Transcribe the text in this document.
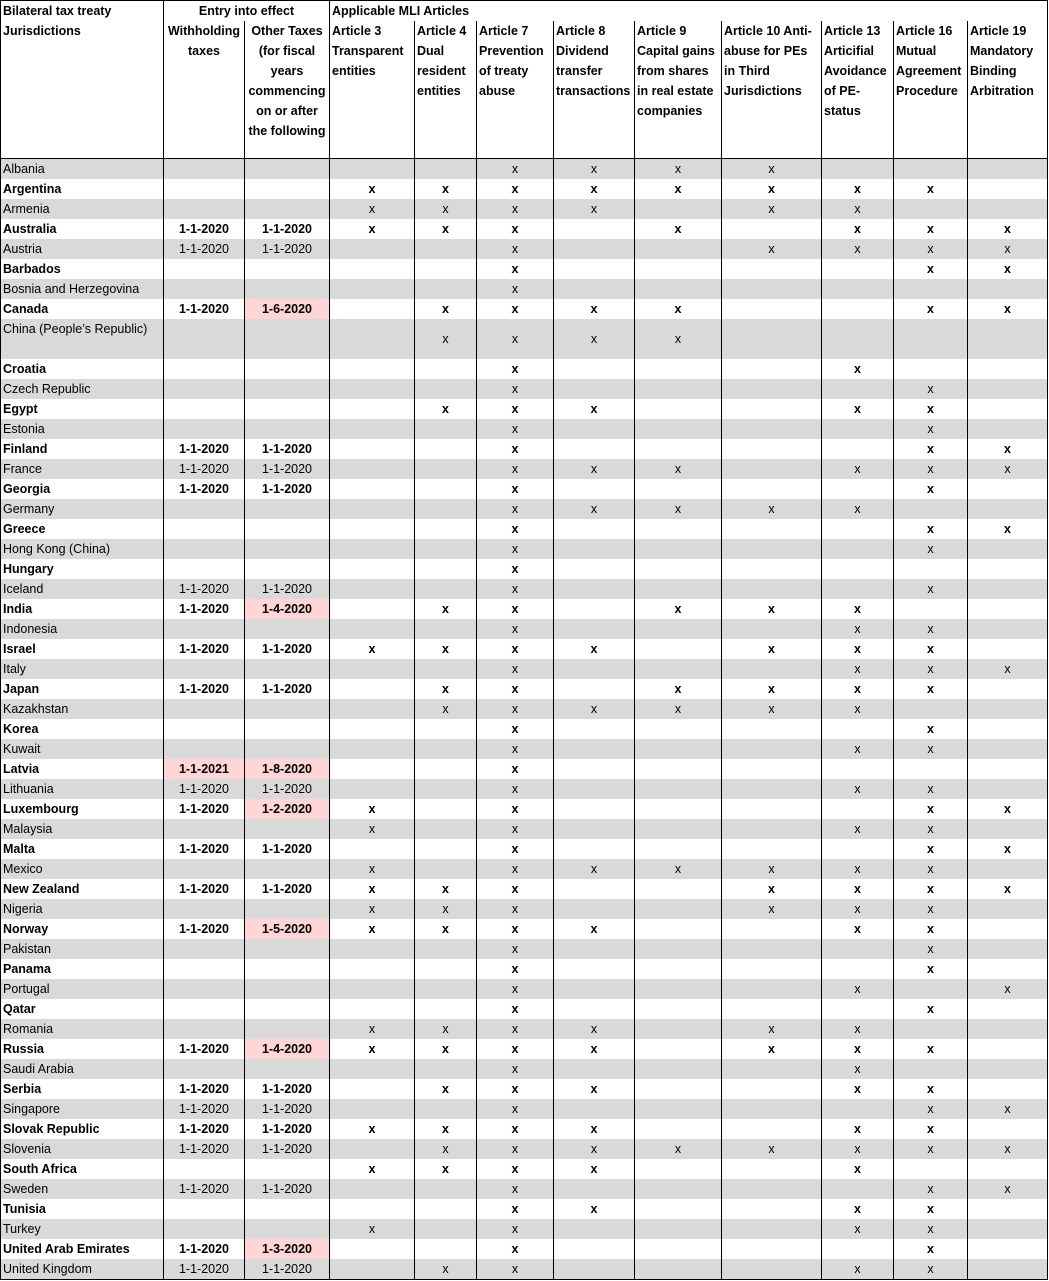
Bilateral tax treaty	Entry into effect		Applicable MLI Articles								
Jurisdictions	Withholding taxes	Other Taxes (for fiscal years commencing on or after the following	Article 3 Transparent entities	Article 4 Dual resident entities	Article 7 Prevention of treaty abuse	Article 8 Dividend transfer transactions	Article 9 Capital gains from shares in real estate companies	Article 10 Anti-abuse for PEs in Third Jurisdictions	Article 13 Articifial Avoidance of PE-status	Article 16 Mutual Agreement Procedure	Article 19 Mandatory Binding Arbitration
Albania					x	x	x	x			
Argentina			x	x	x	x	x	x	x	x	
Armenia			x	x	x	x		x	x		
Australia	1-1-2020	1-1-2020	x	x	x		x		x	x	x
Austria	1-1-2020	1-1-2020			x			x	x	x	x
Barbados					x					x	x
Bosnia and Herzegovina					x						
Canada	1-1-2020	1-6-2020		x	x	x	x			x	x
China (People’s Republic)				x	x	x	x				
Croatia					x				x		
Czech Republic					x					x	
Egypt				x	x	x			x	x	
Estonia					x					x	
Finland	1-1-2020	1-1-2020			x					x	x
France	1-1-2020	1-1-2020			x	x	x		x	x	x
Georgia	1-1-2020	1-1-2020			x					x	
Germany					x	x	x	x	x		
Greece					x					x	x
Hong Kong (China)					x					x	
Hungary					x						
Iceland	1-1-2020	1-1-2020			x					x	
India	1-1-2020	1-4-2020		x	x		x	x	x		
Indonesia					x				x	x	
Israel	1-1-2020	1-1-2020	x	x	x	x		x	x	x	
Italy					x				x	x	x
Japan	1-1-2020	1-1-2020		x	x		x	x	x	x	
Kazakhstan				x	x	x	x	x	x		
Korea					x					x	
Kuwait					x				x	x	
Latvia	1-1-2021	1-8-2020			x						
Lithuania	1-1-2020	1-1-2020			x				x	x	
Luxembourg	1-1-2020	1-2-2020	x		x					x	x
Malaysia			x		x				x	x	
Malta	1-1-2020	1-1-2020			x					x	x
Mexico			x		x	x	x	x	x	x	
New Zealand	1-1-2020	1-1-2020	x	x	x			x	x	x	x
Nigeria			x	x	x			x	x	x	
Norway	1-1-2020	1-5-2020	x	x	x	x			x	x	
Pakistan					x					x	
Panama					x					x	
Portugal					x				x		x
Qatar					x					x	
Romania			x	x	x	x		x	x		
Russia	1-1-2020	1-4-2020	x	x	x	x		x	x	x	
Saudi Arabia					x				x		
Serbia	1-1-2020	1-1-2020		x	x	x			x	x	
Singapore	1-1-2020	1-1-2020			x					x	x
Slovak Republic	1-1-2020	1-1-2020	x	x	x	x			x	x	
Slovenia	1-1-2020	1-1-2020		x	x	x	x	x	x	x	x
South Africa			x	x	x	x			x		
Sweden	1-1-2020	1-1-2020			x					x	x
Tunisia					x	x			x	x	
Turkey			x		x				x	x	
United Arab Emirates	1-1-2020	1-3-2020			x					x	
United Kingdom	1-1-2020	1-1-2020		x	x				x	x	
